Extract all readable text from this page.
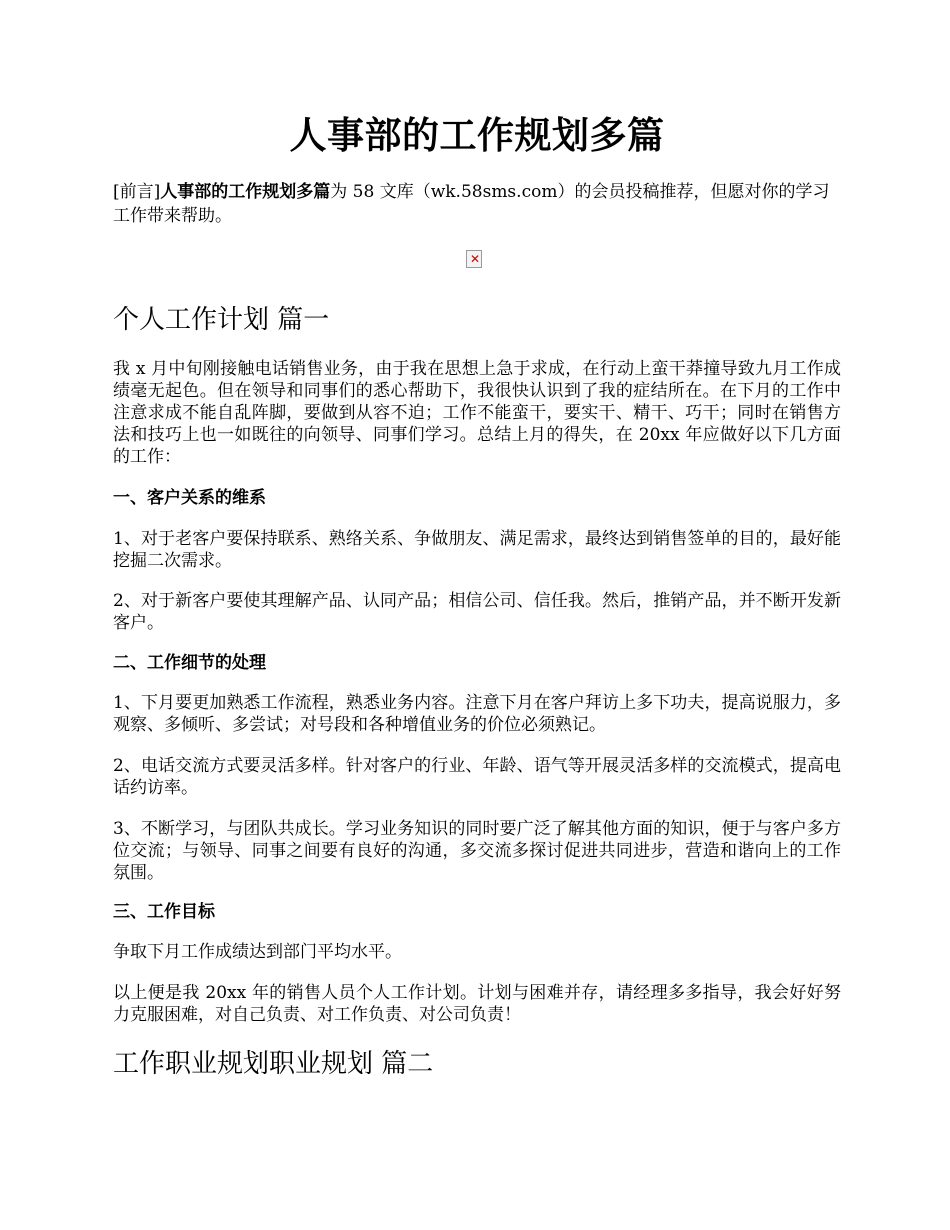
人事部的工作规划多篇

[前言]人事部的工作规划多篇为 58 文库（wk.58sms.com）的会员投稿推荐，但愿对你的学习工作带来帮助。

✕
个人工作计划 篇一

我 x 月中旬刚接触电话销售业务，由于我在思想上急于求成，在行动上蛮干莽撞导致九月工作成绩毫无起色。但在领导和同事们的悉心帮助下，我很快认识到了我的症结所在。在下月的工作中注意求成不能自乱阵脚，要做到从容不迫；工作不能蛮干，要实干、精干、巧干；同时在销售方法和技巧上也一如既往的向领导、同事们学习。总结上月的得失，在 20xx 年应做好以下几方面的工作：

一、客户关系的维系

1、对于老客户要保持联系、熟络关系、争做朋友、满足需求，最终达到销售签单的目的，最好能挖掘二次需求。

2、对于新客户要使其理解产品、认同产品；相信公司、信任我。然后，推销产品，并不断开发新客户。

二、工作细节的处理

1、下月要更加熟悉工作流程，熟悉业务内容。注意下月在客户拜访上多下功夫，提高说服力，多观察、多倾听、多尝试；对号段和各种增值业务的价位必须熟记。

2、电话交流方式要灵活多样。针对客户的行业、年龄、语气等开展灵活多样的交流模式，提高电话约访率。

3、不断学习，与团队共成长。学习业务知识的同时要广泛了解其他方面的知识，便于与客户多方位交流；与领导、同事之间要有良好的沟通，多交流多探讨促进共同进步，营造和谐向上的工作氛围。

三、工作目标

争取下月工作成绩达到部门平均水平。

以上便是我 20xx 年的销售人员个人工作计划。计划与困难并存，请经理多多指导，我会好好努力克服困难，对自己负责、对工作负责、对公司负责！

工作职业规划职业规划 篇二
